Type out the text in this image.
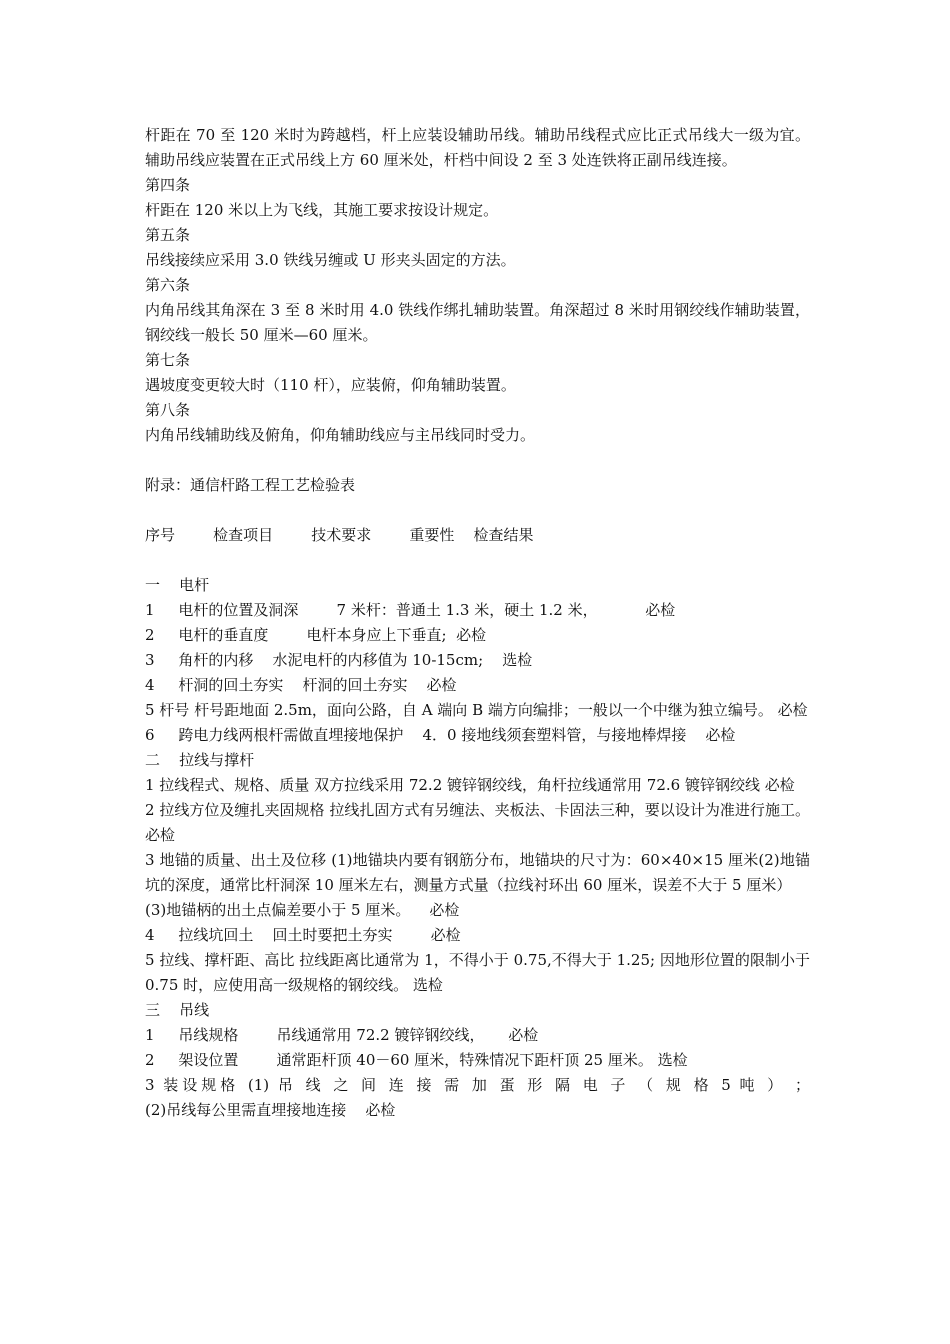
杆距在 70 至 120 米时为跨越档，杆上应装设辅助吊线。辅助吊线程式应比正式吊线大一级为宜。辅助吊线应装置在正式吊线上方 60 厘米处，杆档中间设 2 至 3 处连铁将正副吊线连接。
第四条
杆距在 120 米以上为飞线，其施工要求按设计规定。
第五条
吊线接续应采用 3.0 铁线另缠或 U 形夹头固定的方法。
第六条
内角吊线其角深在 3 至 8 米时用 4.0 铁线作绑扎辅助装置。角深超过 8 米时用钢绞线作辅助装置，钢绞线一般长 50 厘米—60 厘米。
第七条
遇坡度变更较大时（110 杆），应装俯，仰角辅助装置。
第八条
内角吊线辅助线及俯角，仰角辅助线应与主吊线同时受力。
附录：通信杆路工程工艺检验表
序号        检查项目        技术要求        重要性    检查结果
一    电杆
1     电杆的位置及洞深        7 米杆：普通土 1.3 米，硬土 1.2 米，          必检
2     电杆的垂直度        电杆本身应上下垂直;  必检
3     角杆的内移    水泥电杆的内移值为 10-15cm;    选检
4     杆洞的回土夯实    杆洞的回土夯实    必检
5 杆号 杆号距地面 2.5m，面向公路，自 A 端向 B 端方向编排；一般以一个中继为独立编号。 必检
6     跨电力线两根杆需做直埋接地保护    4．0 接地线须套塑料管，与接地棒焊接    必检
二    拉线与撑杆
1 拉线程式、规格、质量 双方拉线采用 72.2 镀锌钢绞线，角杆拉线通常用 72.6 镀锌钢绞线 必检
2 拉线方位及缠扎夹固规格 拉线扎固方式有另缠法、夹板法、卡固法三种，要以设计为准进行施工。 必检
3 地锚的质量、出土及位移 (1)地锚块内要有钢筋分布，地锚块的尺寸为：60×40×15 厘米(2)地锚坑的深度，通常比杆洞深 10 厘米左右，测量方式量（拉线衬环出 60 厘米，误差不大于 5 厘米）
(3)地锚柄的出土点偏差要小于 5 厘米。    必检
4     拉线坑回土    回土时要把土夯实        必检
5 拉线、撑杆距、高比 拉线距离比通常为 1，不得小于 0.75,不得大于 1.25; 因地形位置的限制小于 0.75 时，应使用高一级规格的钢绞线。 选检
三    吊线
1     吊线规格        吊线通常用 72.2 镀锌钢绞线，     必检
2     架设位置        通常距杆顶 40－60 厘米，特殊情况下距杆顶 25 厘米。 选检
3 装设规格 (1) 吊 线 之 间 连 接 需 加 蛋 形 隔 电 子 （ 规 格 5 吨 ） ；
(2)吊线每公里需直埋接地连接    必检
